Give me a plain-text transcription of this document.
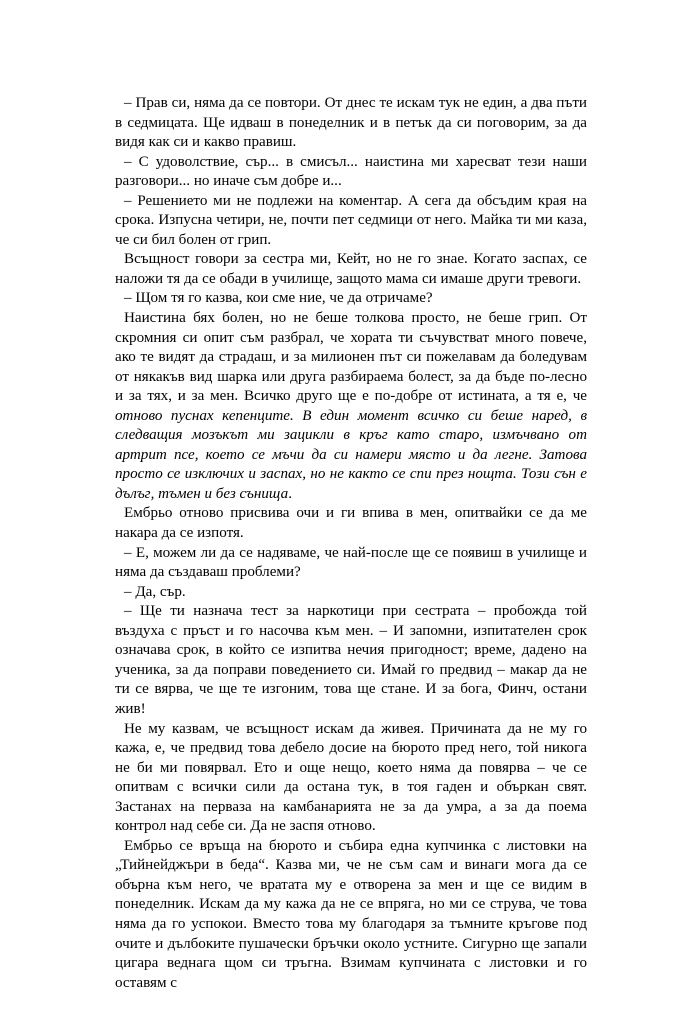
– Прав си, няма да се повтори. От днес те искам тук не един, а два пъти в седмицата. Ще идваш в понеделник и в петък да си поговорим, за да видя как си и какво правиш.

– С удоволствие, сър... в смисъл... наистина ми харесват тези наши разговори... но иначе съм добре и...

– Решението ми не подлежи на коментар. А сега да обсъдим края на срока. Изпусна четири, не, почти пет седмици от него. Майка ти ми каза, че си бил болен от грип.

Всъщност говори за сестра ми, Кейт, но не го знае. Когато заспах, се наложи тя да се обади в училище, защото мама си имаше други тревоги.

– Щом тя го казва, кои сме ние, че да отричаме?

Наистина бях болен, но не беше толкова просто, не беше грип. От скромния си опит съм разбрал, че хората ти съчувстват много повече, ако те видят да страдаш, и за милионен път си пожелавам да боледувам от някакъв вид шарка или друга разбираема болест, за да бъде по-лесно и за тях, и за мен. Всичко друго ще е по-добре от истината, а тя е, че отново пуснах кепенците. В един момент всичко си беше наред, в следващия мозъкът ми зацикли в кръг като старо, измъчвано от артрит псе, което се мъчи да си намери място и да легне. Затова просто се изключих и заспах, но не както се спи през нощта. Този сън е дълъг, тъмен и без сънища.

Ембрьо отново присвива очи и ги впива в мен, опитвайки се да ме накара да се изпотя.

– Е, можем ли да се надяваме, че най-после ще се появиш в училище и няма да създаваш проблеми?

– Да, сър.

– Ще ти назнача тест за наркотици при сестрата – пробожда той въздуха с пръст и го насочва към мен. – И запомни, изпитателен срок означава срок, в който се изпитва нечия пригодност; време, дадено на ученика, за да поправи поведението си. Имай го предвид – макар да не ти се вярва, че ще те изгоним, това ще стане. И за бога, Финч, остани жив!

Не му казвам, че всъщност искам да живея. Причината да не му го кажа, е, че предвид това дебело досие на бюрото пред него, той никога не би ми повярвал. Ето и още нещо, което няма да повярва – че се опитвам с всички сили да остана тук, в тоя гаден и объркан свят. Застанах на перваза на камбанарията не за да умра, а за да поема контрол над себе си. Да не заспя отново.

Ембрьо се връща на бюрото и събира една купчинка с листовки на „Тийнейджъри в беда“. Казва ми, че не съм сам и винаги мога да се обърна към него, че вратата му е отворена за мен и ще се видим в понеделник. Искам да му кажа да не се впряга, но ми се струва, че това няма да го успокои. Вместо това му благодаря за тъмните кръгове под очите и дълбоките пушачески бръчки около устните. Сигурно ще запали цигара веднага щом си тръгна. Взимам купчината с листовки и го оставям с
